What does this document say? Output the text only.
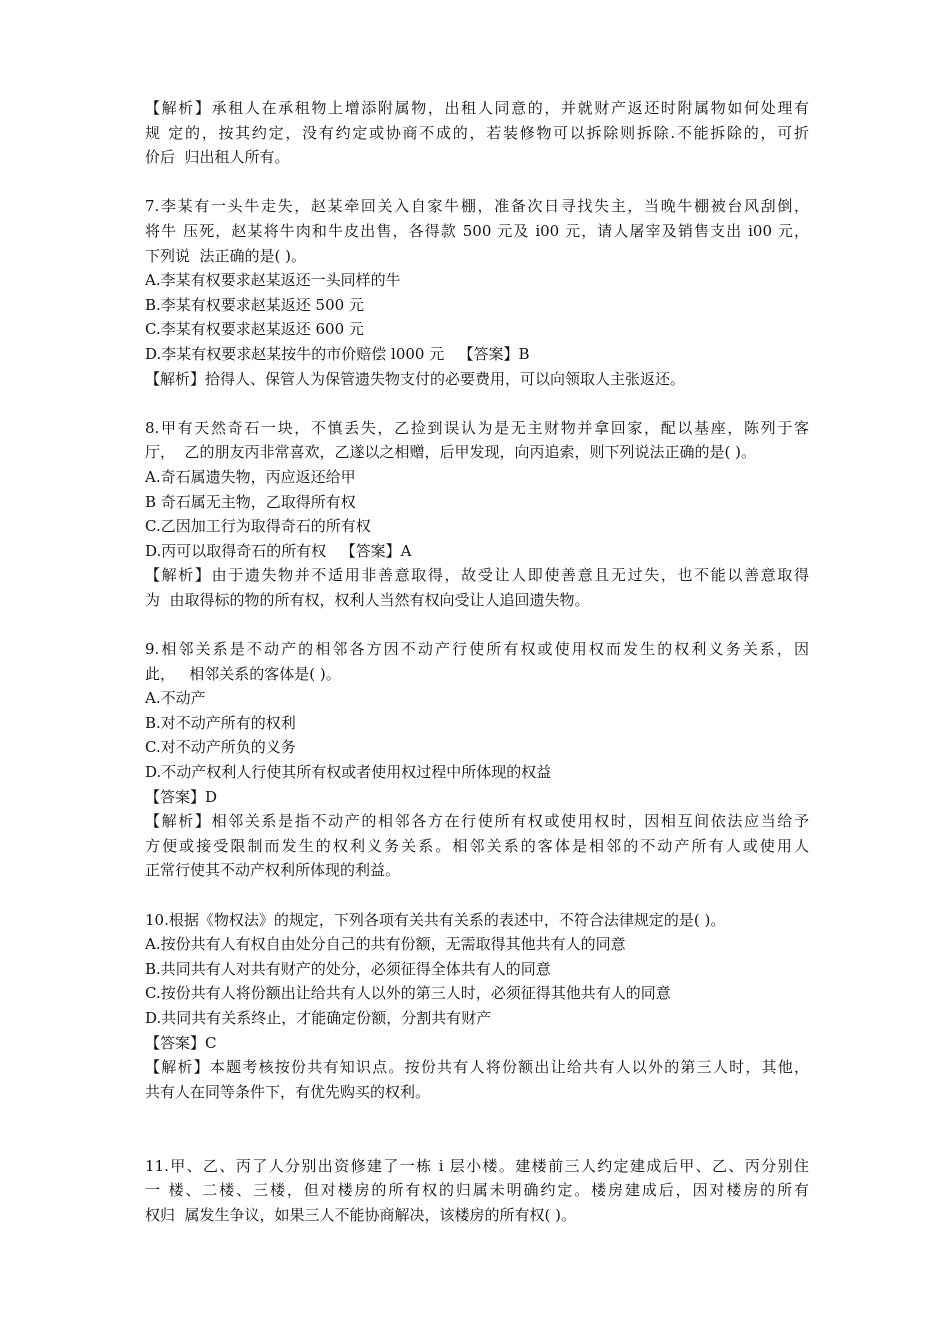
【解析】承租人在承租物上增添附属物，出租人同意的，并就财产返还时附属物如何处理有
规 定的，按其约定，没有约定或协商不成的，若装修物可以拆除则拆除.不能拆除的，可折
价后  归出租人所有。
7.李某有一头牛走失，赵某牵回关入自家牛棚，准备次日寻找失主，当晚牛棚被台风刮倒，
将牛 压死，赵某将牛肉和牛皮出售，各得款 500 元及 i00 元，请人屠宰及销售支出 i00 元，
下列说  法正确的是( )。
A.李某有权要求赵某返还一头同样的牛
B.李某有权要求赵某返还 500 元
C.李某有权要求赵某返还 600 元
D.李某有权要求赵某按牛的市价赔偿 l000 元   【答案】B
【解析】拾得人、保管人为保管遗失物支付的必要费用，可以向领取人主张返还。
8.甲有天然奇石一块，不慎丢失，乙捡到误认为是无主财物并拿回家，配以基座，陈列于客
厅，  乙的朋友丙非常喜欢，乙遂以之相赠，后甲发现，向丙追索，则下列说法正确的是( )。
A.奇石属遗失物，丙应返还给甲
B 奇石属无主物，乙取得所有权
C.乙因加工行为取得奇石的所有权
D.丙可以取得奇石的所有权   【答案】A
【解析】由于遗失物并不适用非善意取得，故受让人即使善意且无过失，也不能以善意取得
为  由取得标的物的所有权，权利人当然有权向受让人追回遗失物。
9.相邻关系是不动产的相邻各方因不动产行使所有权或使用权而发生的权利义务关系，因
此，   相邻关系的客体是( )。
A.不动产
B.对不动产所有的权利
C.对不动产所负的义务
D.不动产权利人行使其所有权或者使用权过程中所体现的权益
【答案】D
【解析】相邻关系是指不动产的相邻各方在行使所有权或使用权时，因相互间依法应当给予
方便或接受限制而发生的权利义务关系。相邻关系的客体是相邻的不动产所有人或使用人
正常行使其不动产权利所体现的利益。
10.根据《物权法》的规定，下列各项有关共有关系的表述中，不符合法律规定的是( )。
A.按份共有人有权自由处分自己的共有份额，无需取得其他共有人的同意
B.共同共有人对共有财产的处分，必须征得全体共有人的同意
C.按份共有人将份额出让给共有人以外的第三人时，必须征得其他共有人的同意
D.共同共有关系终止，才能确定份额，分割共有财产
【答案】C
【解析】本题考核按份共有知识点。按份共有人将份额出让给共有人以外的第三人时，其他，
共有人在同等条件下，有优先购买的权利。
11.甲、乙、丙了人分别出资修建了一栋 i 层小楼。建楼前三人约定建成后甲、乙、丙分别住
一 楼、二楼、三楼，但对楼房的所有权的归属未明确约定。楼房建成后，因对楼房的所有
权归  属发生争议，如果三人不能协商解决，该楼房的所有权( )。
